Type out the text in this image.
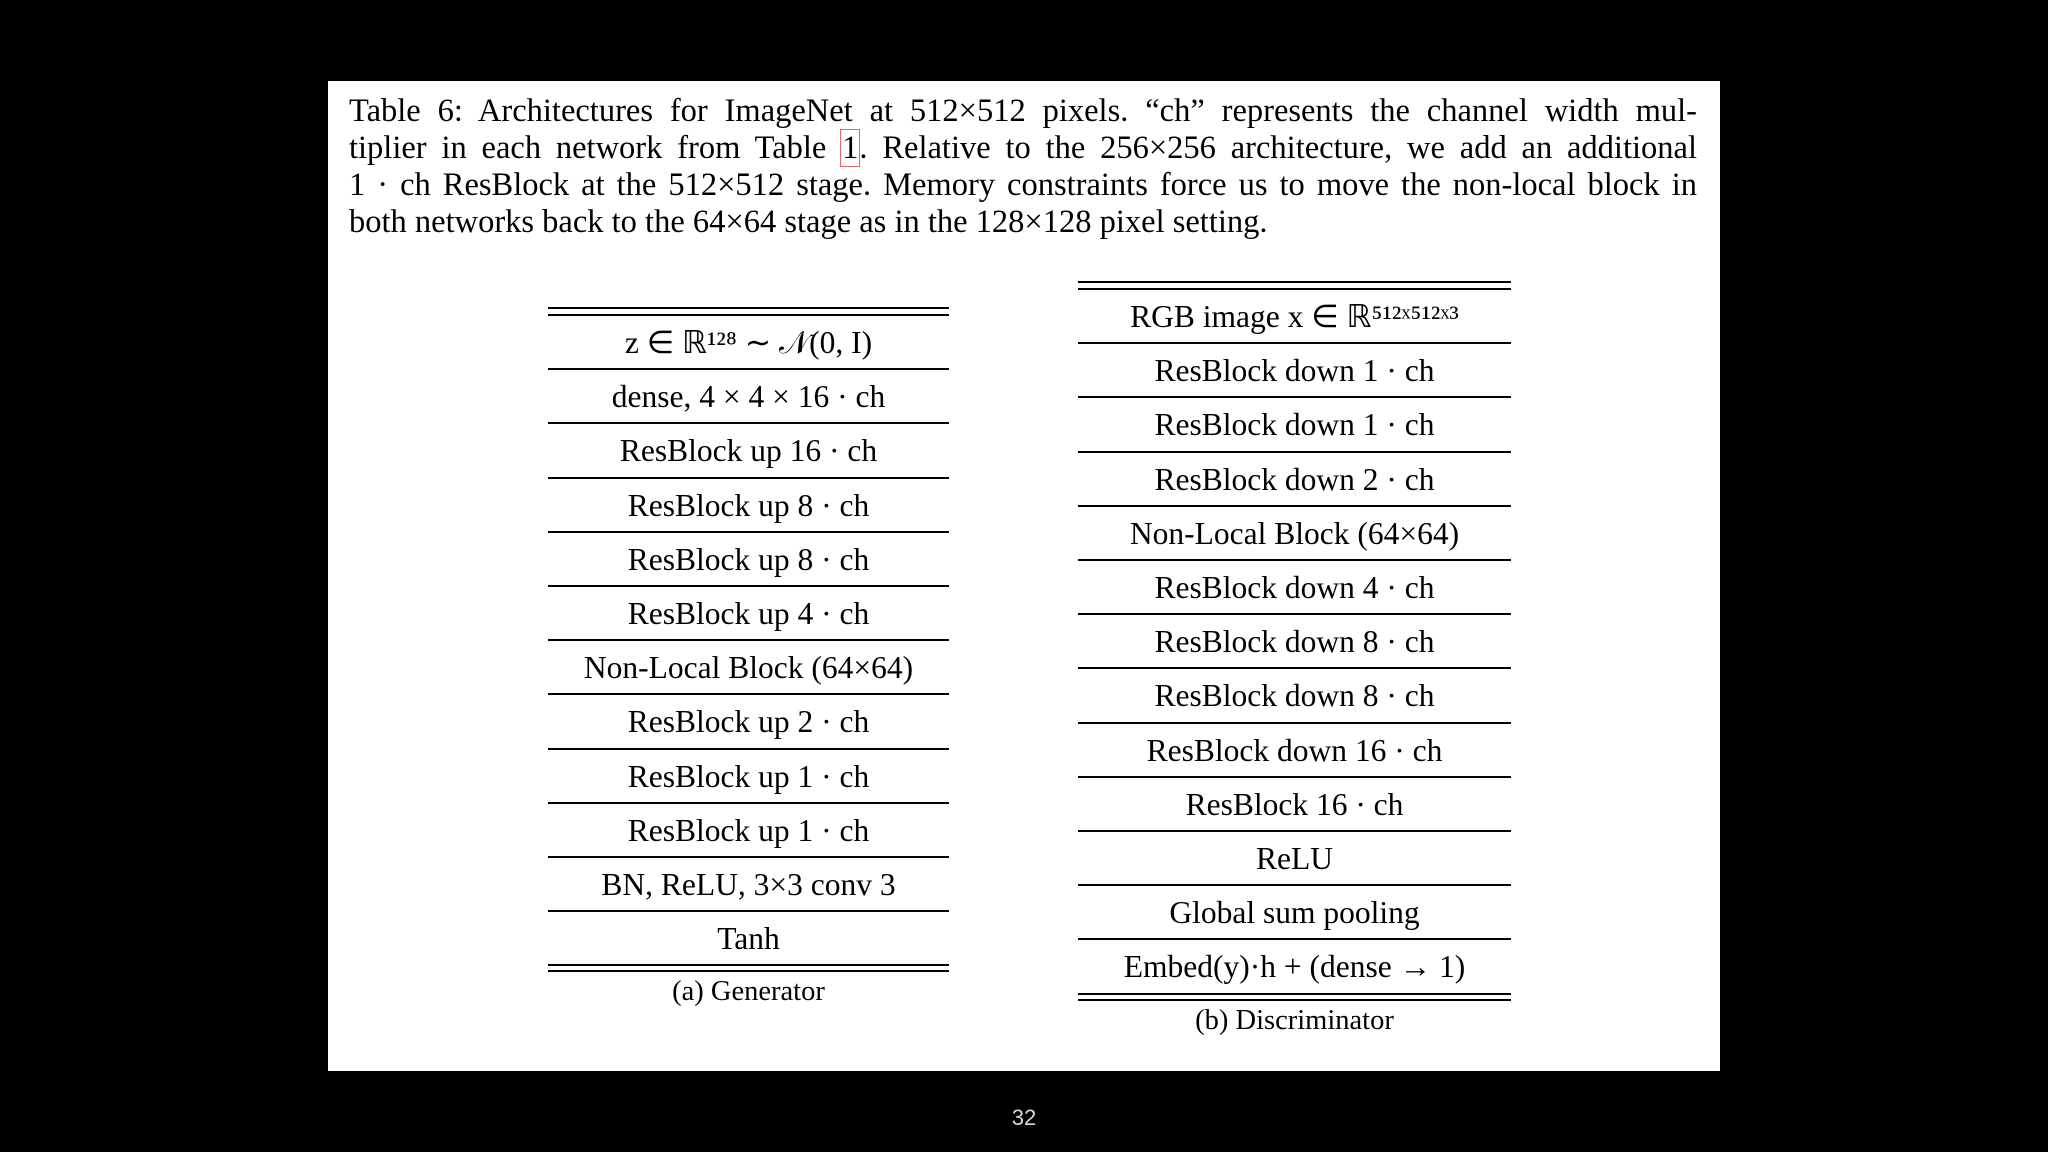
Table 6: Architectures for ImageNet at 512×512 pixels. “ch” represents the channel width mul-
tiplier in each network from Table 1. Relative to the 256×256 architecture, we add an additional
1 · ch ResBlock at the 512×512 stage. Memory constraints force us to move the non-local block in
both networks back to the 64×64 stage as in the 128×128 pixel setting.
z ∈ ℝ¹²⁸ ∼ 𝒩(0, I)
dense, 4 × 4 × 16 · ch
ResBlock up 16 · ch
ResBlock up 8 · ch
ResBlock up 8 · ch
ResBlock up 4 · ch
Non-Local Block (64×64)
ResBlock up 2 · ch
ResBlock up 1 · ch
ResBlock up 1 · ch
BN, ReLU, 3×3 conv 3
Tanh
(a) Generator
RGB image x ∈ ℝ⁵¹²ˣ⁵¹²ˣ³
ResBlock down 1 · ch
ResBlock down 1 · ch
ResBlock down 2 · ch
Non-Local Block (64×64)
ResBlock down 4 · ch
ResBlock down 8 · ch
ResBlock down 8 · ch
ResBlock down 16 · ch
ResBlock 16 · ch
ReLU
Global sum pooling
Embed(y)·h + (dense → 1)
(b) Discriminator
32
